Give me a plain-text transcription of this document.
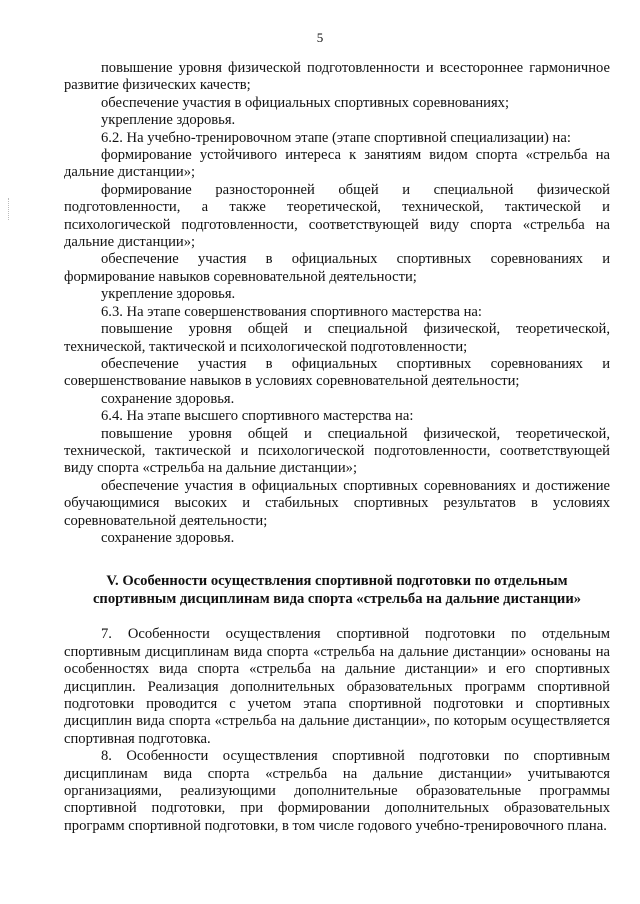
5

повышение уровня физической подготовленности и всестороннее гармоничное развитие физических качеств;

обеспечение участия в официальных спортивных соревнованиях;

укрепление здоровья.

6.2. На учебно-тренировочном этапе (этапе спортивной специализации) на:

формирование устойчивого интереса к занятиям видом спорта «стрельба на дальние дистанции»;

формирование разносторонней общей и специальной физической подготовленности, а также теоретической, технической, тактической и психологической подготовленности, соответствующей виду спорта «стрельба на дальние дистанции»;

обеспечение участия в официальных спортивных соревнованиях и формирование навыков соревновательной деятельности;

укрепление здоровья.

6.3. На этапе совершенствования спортивного мастерства на:

повышение уровня общей и специальной физической, теоретической, технической, тактической и психологической подготовленности;

обеспечение участия в официальных спортивных соревнованиях и совершенствование навыков в условиях соревновательной деятельности;

сохранение здоровья.

6.4. На этапе высшего спортивного мастерства на:

повышение уровня общей и специальной физической, теоретической, технической, тактической и психологической подготовленности, соответствующей виду спорта «стрельба на дальние дистанции»;

обеспечение участия в официальных спортивных соревнованиях и достижение обучающимися высоких и стабильных спортивных результатов в условиях соревновательной деятельности;

сохранение здоровья.

V. Особенности осуществления спортивной подготовки по отдельным
спортивным дисциплинам вида спорта «стрельба на дальние дистанции»

7. Особенности осуществления спортивной подготовки по отдельным спортивным дисциплинам вида спорта «стрельба на дальние дистанции» основаны на особенностях вида спорта «стрельба на дальние дистанции» и его спортивных дисциплин. Реализация дополнительных образовательных программ спортивной подготовки проводится с учетом этапа спортивной подготовки и спортивных дисциплин вида спорта «стрельба на дальние дистанции», по которым осуществляется спортивная подготовка.

8. Особенности осуществления спортивной подготовки по спортивным дисциплинам вида спорта «стрельба на дальние дистанции» учитываются организациями, реализующими дополнительные образовательные программы спортивной подготовки, при формировании дополнительных образовательных программ спортивной подготовки, в том числе годового учебно-тренировочного плана.
